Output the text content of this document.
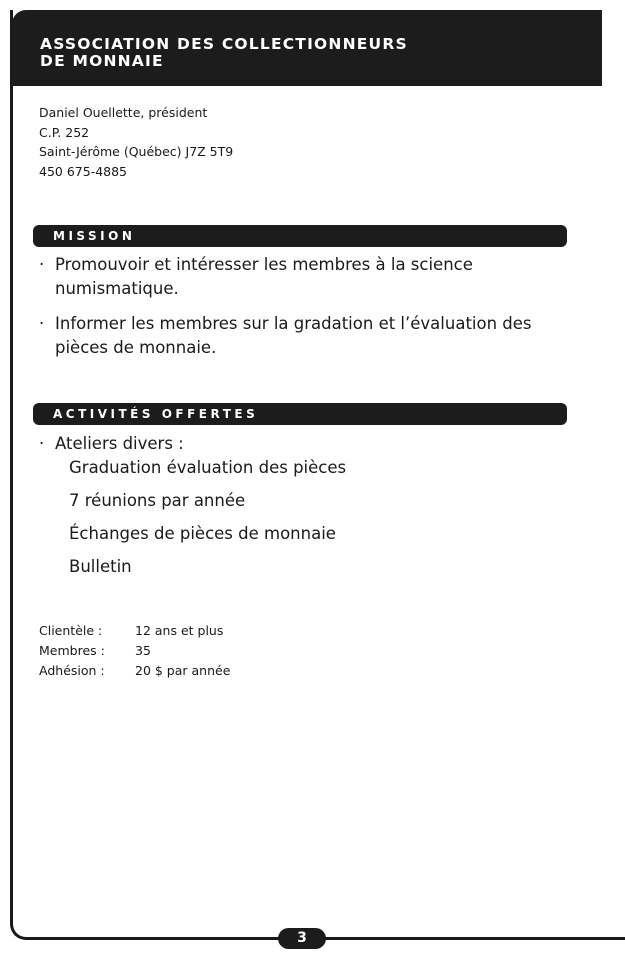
ASSOCIATION DES COLLECTIONNEURS
DE MONNAIE
Daniel Ouellette, président
C.P. 252
Saint-Jérôme (Québec) J7Z 5T9
450 675-4885
MISSION
· Promouvoir et intéresser les membres à la science numismatique.
· Informer les membres sur la gradation et l’évaluation des pièces de monnaie.
ACTIVITÉS OFFERTES
· Ateliers divers :
Graduation évaluation des pièces
7 réunions par année
Échanges de pièces de monnaie
Bulletin
Clientèle :	12 ans et plus
Membres :	35
Adhésion :	20 $ par année
3
